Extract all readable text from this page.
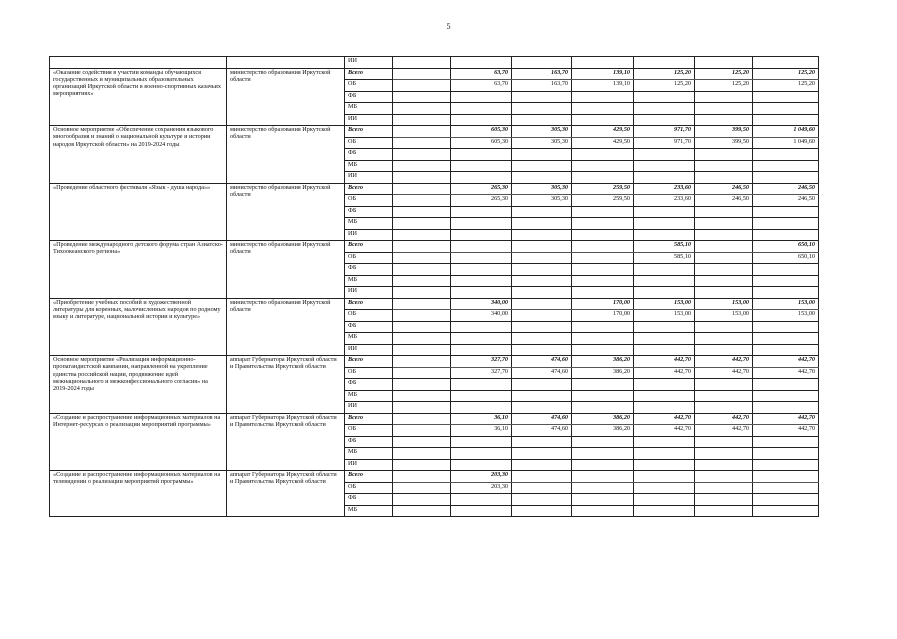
5
		ИИ							
«Оказание содействия в участии команды обучающихся государственных и муниципальных образовательных организаций Иркутской области в военно-спортивных казачьих мероприятиях»	министерство образования Иркутской области	Всего		63,70	163,70	139,10	125,20	125,20	125,20
		ОБ		63,70	163,70	139,10	125,20	125,20	125,20
		ФБ							
		МБ							
		ИИ							
Основное мероприятие «Обеспечение сохранения языкового многообразия и знаний о национальной культуре и истории народов Иркутской области» на 2019-2024 годы	министерство образования Иркутской области	Всего		605,30	305,30	429,50	971,70	399,50	1 049,60
		ОБ		605,30	305,30	429,50	971,70	399,50	1 049,60
		ФБ							
		МБ							
		ИИ							
«Проведение областного фестиваля «Язык - душа народа»»	министерство образования Иркутской области	Всего		265,30	305,30	259,50	233,60	246,50	246,50
		ОБ		265,30	305,30	259,50	233,60	246,50	246,50
		ФБ							
		МБ							
		ИИ							
«Проведение международного детского форума стран Азиатско-Тихоокеанского региона»	министерство образования Иркутской области	Всего					585,10		650,10
		ОБ					585,10		650,10
		ФБ							
		МБ							
		ИИ							
«Приобретение учебных пособий и художественной литературы для коренных, малочисленных народов по родному языку и литературе, национальной истории и культуре»	министерство образования Иркутской области	Всего		340,00		170,00	153,00	153,00	153,00
		ОБ		340,00		170,00	153,00	153,00	153,00
		ФБ							
		МБ							
		ИИ							
Основное мероприятие «Реализация информационно-пропагандистской кампании, направленной на укрепление единства российской нации, продвижение идей межнационального и межконфессионального согласия» на 2019-2024 годы	аппарат Губернатора Иркутской области и Правительства Иркутской области	Всего		327,70	474,60	386,20	442,70	442,70	442,70
		ОБ		327,70	474,60	386,20	442,70	442,70	442,70
		ФБ							
		МБ							
		ИИ							
«Создание и распространение информационных материалов на Интернет-ресурсах о реализации мероприятий программы»	аппарат Губернатора Иркутской области и Правительства Иркутской области	Всего		36,10	474,60	386,20	442,70	442,70	442,70
		ОБ		36,10	474,60	386,20	442,70	442,70	442,70
		ФБ							
		МБ							
		ИИ							
«Создание и распространение информационных материалов на телевидении о реализации мероприятий программы»	аппарат Губернатора Иркутской области и Правительства Иркутской области	Всего		203,30					
		ОБ		203,30					
		ФБ							
		МБ							
